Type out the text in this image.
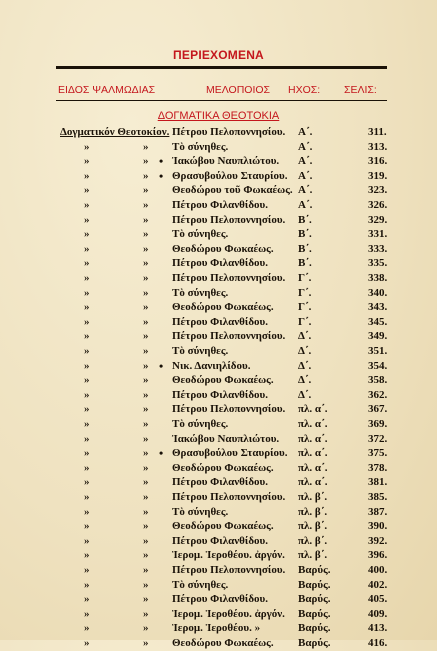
ΠΕΡΙΕΧΟΜΕΝΑ
ΕΙΔΟΣ ΨΑΛΜΩΔΙΑΣ	ΜΕΛΟΠΟΙΟΣ ΗΧΟΣ: ΣΕΛΙΣ:
ΔΟΓΜΑΤΙΚΑ ΘΕΟΤΟΚΙΑ
Δογματικόν Θεοτοκίον. Πέτρου Πελοποννησίου. Α΄.	311.
»	» Τὸ σύνηθες.	Α΄.	313.
»	» • Ἰακώβου Ναυπλιώτου. Α΄.	316.
»	» • Θρασυβούλου Σταυρίου. Α΄.	319.
»	» Θεοδώρου τοῦ Φωκαέως. Α΄.	323.
»	» Πέτρου Φιλανθίδου.	Α΄.	326.
»	» Πέτρου Πελοποννησίου. Β΄.	329.
»	» Τὸ σύνηθες.	Β΄.	331.
»	» Θεοδώρου Φωκαέως. Β΄.	333.
»	» Πέτρου Φιλανθίδου.	Β΄.	335.
»	» Πέτρου Πελοποννησίου. Γ΄.	338.
»	» Τὸ σύνηθες.	Γ΄.	340.
»	» Θεοδώρου Φωκαέως. Γ΄.	343.
»	» Πέτρου Φιλανθίδου.	Γ΄.	345.
»	» Πέτρου Πελοποννησίου. Δ΄.	349.
»	» Τὸ σύνηθες.	Δ΄.	351.
»	» • Νικ. Δανιηλίδου.	Δ΄.	354.
»	» Θεοδώρου Φωκαέως. Δ΄.	358.
»	» Πέτρου Φιλανθίδου.	Δ΄.	362.
»	» Πέτρου Πελοποννησίου. πλ. α΄.	367.
»	» Τὸ σύνηθες.	πλ. α΄.	369.
»	» Ἰακώβου Ναυπλιώτου. πλ. α΄.	372.
»	» • Θρασυβούλου Σταυρίου. πλ. α΄.	375.
»	» Θεοδώρου Φωκαέως. πλ. α΄.	378.
»	» Πέτρου Φιλανθίδου.	πλ. α΄.	381.
»	» Πέτρου Πελοποννησίου. πλ. β΄.	385.
»	» Τὸ σύνηθες.	πλ. β΄.	387.
»	» Θεοδώρου Φωκαέως. πλ. β΄.	390.
»	» Πέτρου Φιλανθίδου.	πλ. β΄.	392.
»	» Ἱερομ. Ἱεροθέου. ἀργόν. πλ. β΄.	396.
»	» Πέτρου Πελοποννησίου. Βαρύς.	400.
»	» Τὸ σύνηθες.	Βαρύς.	402.
»	» Πέτρου Φιλανθίδου.	Βαρύς.	405.
»	» Ἱερομ. Ἱεροθέου. ἀργόν. Βαρύς.	409.
»	» Ἱερομ. Ἱεροθέου. »	Βαρύς.	413.
»	» Θεοδώρου Φωκαέως. Βαρύς.	416.
